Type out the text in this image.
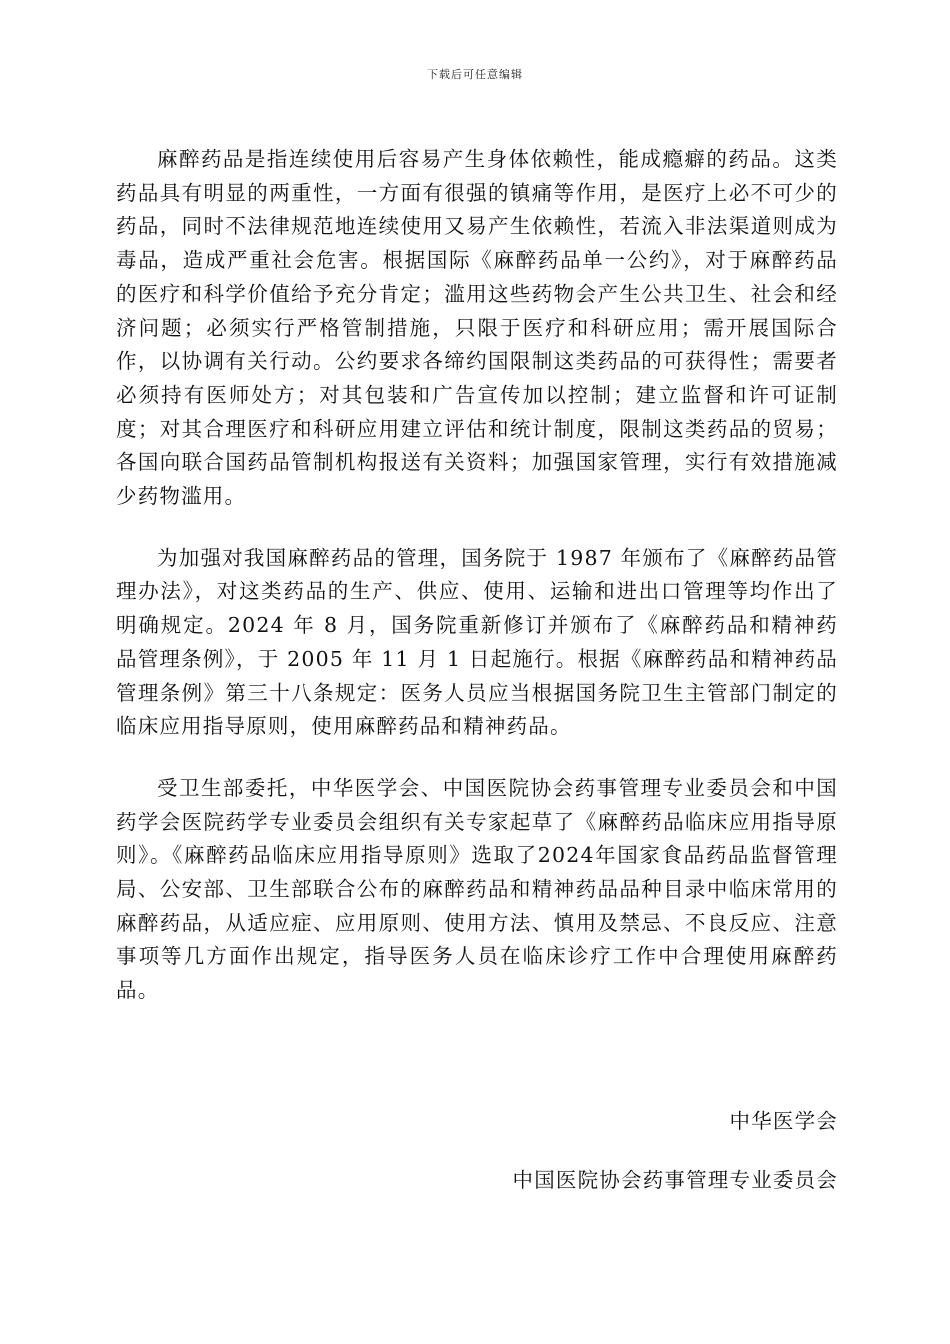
下载后可任意编辑

麻醉药品是指连续使用后容易产生身体依赖性，能成瘾癖的药品。这类药品具有明显的两重性，一方面有很强的镇痛等作用，是医疗上必不可少的药品，同时不法律规范地连续使用又易产生依赖性，若流入非法渠道则成为毒品，造成严重社会危害。根据国际《麻醉药品单一公约》，对于麻醉药品的医疗和科学价值给予充分肯定；滥用这些药物会产生公共卫生、社会和经济问题；必须实行严格管制措施，只限于医疗和科研应用；需开展国际合作，以协调有关行动。公约要求各缔约国限制这类药品的可获得性；需要者必须持有医师处方；对其包装和广告宣传加以控制；建立监督和许可证制度；对其合理医疗和科研应用建立评估和统计制度，限制这类药品的贸易；各国向联合国药品管制机构报送有关资料；加强国家管理，实行有效措施减少药物滥用。

为加强对我国麻醉药品的管理，国务院于 1987 年颁布了《麻醉药品管理办法》，对这类药品的生产、供应、使用、运输和进出口管理等均作出了明确规定。2024 年 8 月，国务院重新修订并颁布了《麻醉药品和精神药品管理条例》，于 2005 年 11 月 1 日起施行。根据《麻醉药品和精神药品管理条例》第三十八条规定：医务人员应当根据国务院卫生主管部门制定的临床应用指导原则，使用麻醉药品和精神药品。

受卫生部委托，中华医学会、中国医院协会药事管理专业委员会和中国药学会医院药学专业委员会组织有关专家起草了《麻醉药品临床应用指导原则》。《麻醉药品临床应用指导原则》选取了2024年国家食品药品监督管理局、公安部、卫生部联合公布的麻醉药品和精神药品品种目录中临床常用的麻醉药品，从适应症、应用原则、使用方法、慎用及禁忌、不良反应、注意事项等几方面作出规定，指导医务人员在临床诊疗工作中合理使用麻醉药品。

中华医学会
中国医院协会药事管理专业委员会
